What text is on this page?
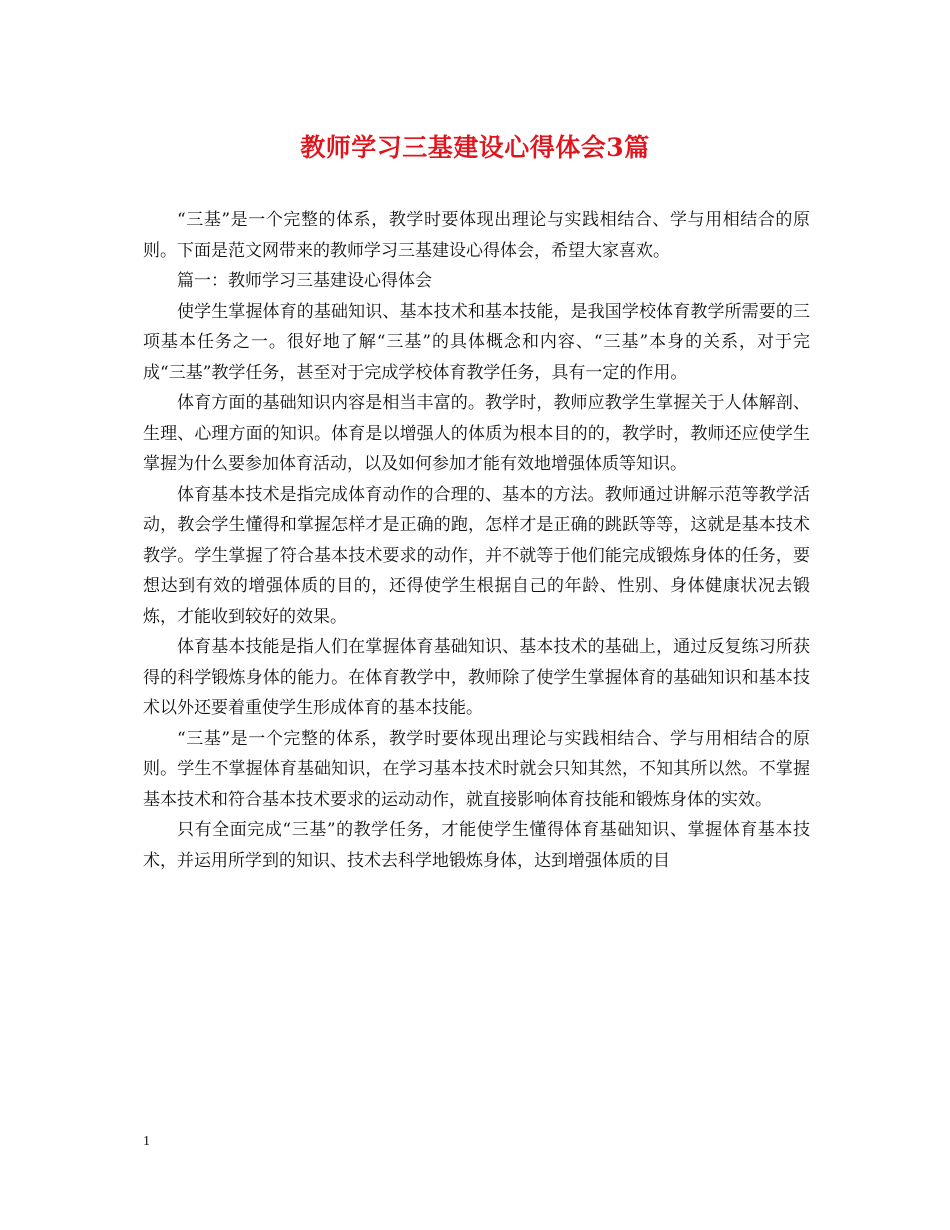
教师学习三基建设心得体会3篇

“三基”是一个完整的体系，教学时要体现出理论与实践相结合、学与用相结合的原则。下面是范文网带来的教师学习三基建设心得体会，希望大家喜欢。

篇一：教师学习三基建设心得体会

使学生掌握体育的基础知识、基本技术和基本技能，是我国学校体育教学所需要的三项基本任务之一。很好地了解“三基”的具体概念和内容、“三基”本身的关系，对于完成“三基”教学任务，甚至对于完成学校体育教学任务，具有一定的作用。

体育方面的基础知识内容是相当丰富的。教学时，教师应教学生掌握关于人体解剖、生理、心理方面的知识。体育是以增强人的体质为根本目的的，教学时，教师还应使学生掌握为什么要参加体育活动，以及如何参加才能有效地增强体质等知识。

体育基本技术是指完成体育动作的合理的、基本的方法。教师通过讲解示范等教学活动，教会学生懂得和掌握怎样才是正确的跑，怎样才是正确的跳跃等等，这就是基本技术教学。学生掌握了符合基本技术要求的动作，并不就等于他们能完成锻炼身体的任务，要想达到有效的增强体质的目的，还得使学生根据自己的年龄、性别、身体健康状况去锻炼，才能收到较好的效果。

体育基本技能是指人们在掌握体育基础知识、基本技术的基础上，通过反复练习所获得的科学锻炼身体的能力。在体育教学中，教师除了使学生掌握体育的基础知识和基本技术以外还要着重使学生形成体育的基本技能。

“三基”是一个完整的体系，教学时要体现出理论与实践相结合、学与用相结合的原则。学生不掌握体育基础知识，在学习基本技术时就会只知其然，不知其所以然。不掌握基本技术和符合基本技术要求的运动动作，就直接影响体育技能和锻炼身体的实效。

只有全面完成“三基”的教学任务，才能使学生懂得体育基础知识、掌握体育基本技术，并运用所学到的知识、技术去科学地锻炼身体，达到增强体质的目

1
